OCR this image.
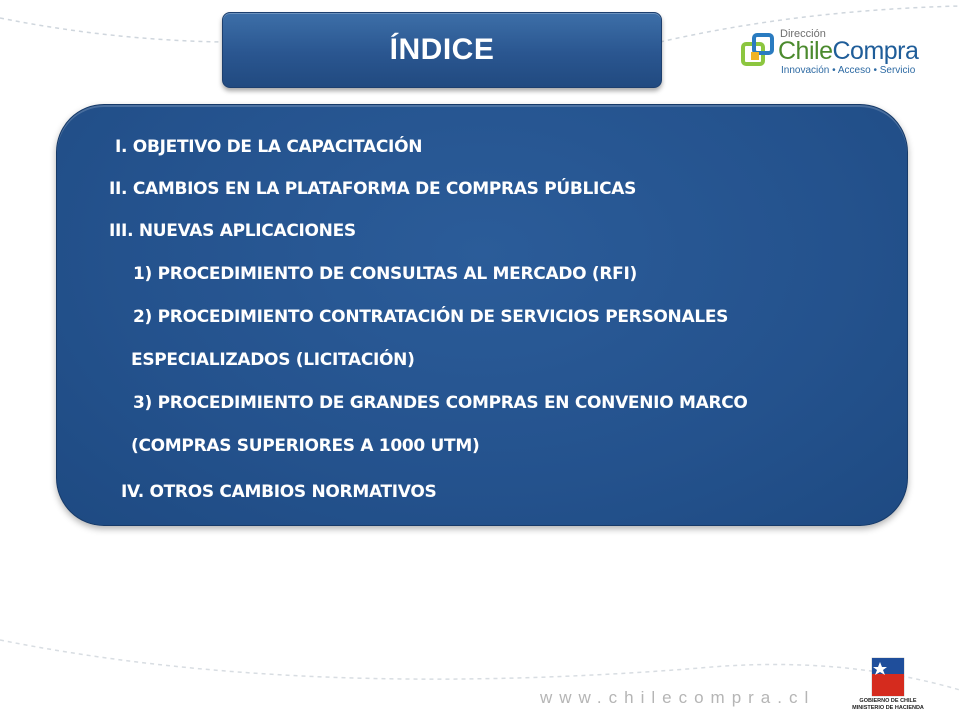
ÍNDICE	Dirección
ChileCompra
Innovación • Acceso • Servicio
I. OBJETIVO DE LA CAPACITACIÓN
II. CAMBIOS EN LA PLATAFORMA DE COMPRAS PÚBLICAS
III. NUEVAS APLICACIONES
1) PROCEDIMIENTO DE CONSULTAS AL MERCADO (RFI)
2) PROCEDIMIENTO CONTRATACIÓN DE SERVICIOS PERSONALES
ESPECIALIZADOS (LICITACIÓN)
3) PROCEDIMIENTO DE GRANDES COMPRAS EN CONVENIO MARCO
(COMPRAS SUPERIORES A 1000 UTM)
IV. OTROS CAMBIOS NORMATIVOS
www.chilecompra.cl	GOBIERNO DE CHILE
MINISTERIO DE HACIENDA
